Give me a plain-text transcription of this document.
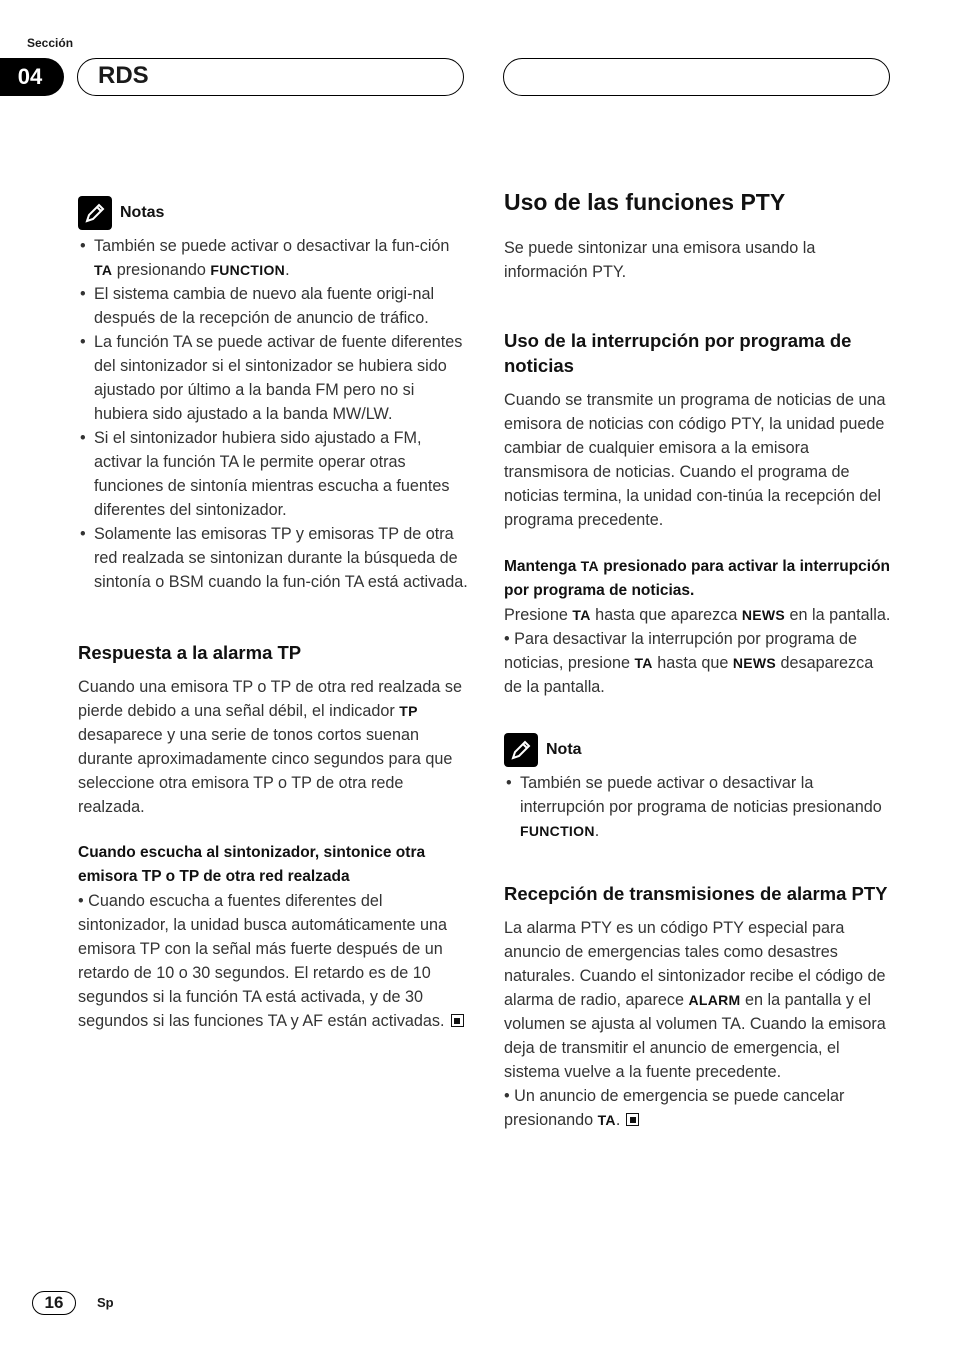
Sección
04	RDS
Notas
• También se puede activar o desactivar la fun-ción TA presionando FUNCTION.
• El sistema cambia de nuevo ala fuente origi-nal después de la recepción de anuncio de tráfico.
• La función TA se puede activar de fuente diferentes del sintonizador si el sintonizador se hubiera sido ajustado por último a la banda FM pero no si hubiera sido ajustado a la banda MW/LW.
• Si el sintonizador hubiera sido ajustado a FM, activar la función TA le permite operar otras funciones de sintonía mientras escucha a fuentes diferentes del sintonizador.
• Solamente las emisoras TP y emisoras TP de otra red realzada se sintonizan durante la búsqueda de sintonía o BSM cuando la fun-ción TA está activada.
Respuesta a la alarma TP

Cuando una emisora TP o TP de otra red realzada se pierde debido a una señal débil, el indicador TP desaparece y una serie de tonos cortos suenan durante aproximadamente cinco segundos para que seleccione otra emisora TP o TP de otra rede realzada.

Cuando escucha al sintonizador, sintonice otra emisora TP o TP de otra red realzada

• Cuando escucha a fuentes diferentes del sintonizador, la unidad busca automáticamente una emisora TP con la señal más fuerte después de un retardo de 10 o 30 segundos. El retardo es de 10 segundos si la función TA está activada, y de 30 segundos si las funciones TA y AF están activadas.

Uso de las funciones PTY

Se puede sintonizar una emisora usando la información PTY.

Uso de la interrupción por programa de noticias

Cuando se transmite un programa de noticias de una emisora de noticias con código PTY, la unidad puede cambiar de cualquier emisora a la emisora transmisora de noticias. Cuando el programa de noticias termina, la unidad con-tinúa la recepción del programa precedente.

Mantenga TA presionado para activar la interrupción por programa de noticias.

Presione TA hasta que aparezca NEWS en la pantalla.

• Para desactivar la interrupción por programa de noticias, presione TA hasta que NEWS desaparezca de la pantalla.

Nota
• También se puede activar o desactivar la interrupción por programa de noticias presionando FUNCTION.
Recepción de transmisiones de alarma PTY

La alarma PTY es un código PTY especial para anuncio de emergencias tales como desastres naturales. Cuando el sintonizador recibe el código de alarma de radio, aparece ALARM en la pantalla y el volumen se ajusta al volumen TA. Cuando la emisora deja de transmitir el anuncio de emergencia, el sistema vuelve a la fuente precedente.

• Un anuncio de emergencia se puede cancelar presionando TA.

16	Sp
